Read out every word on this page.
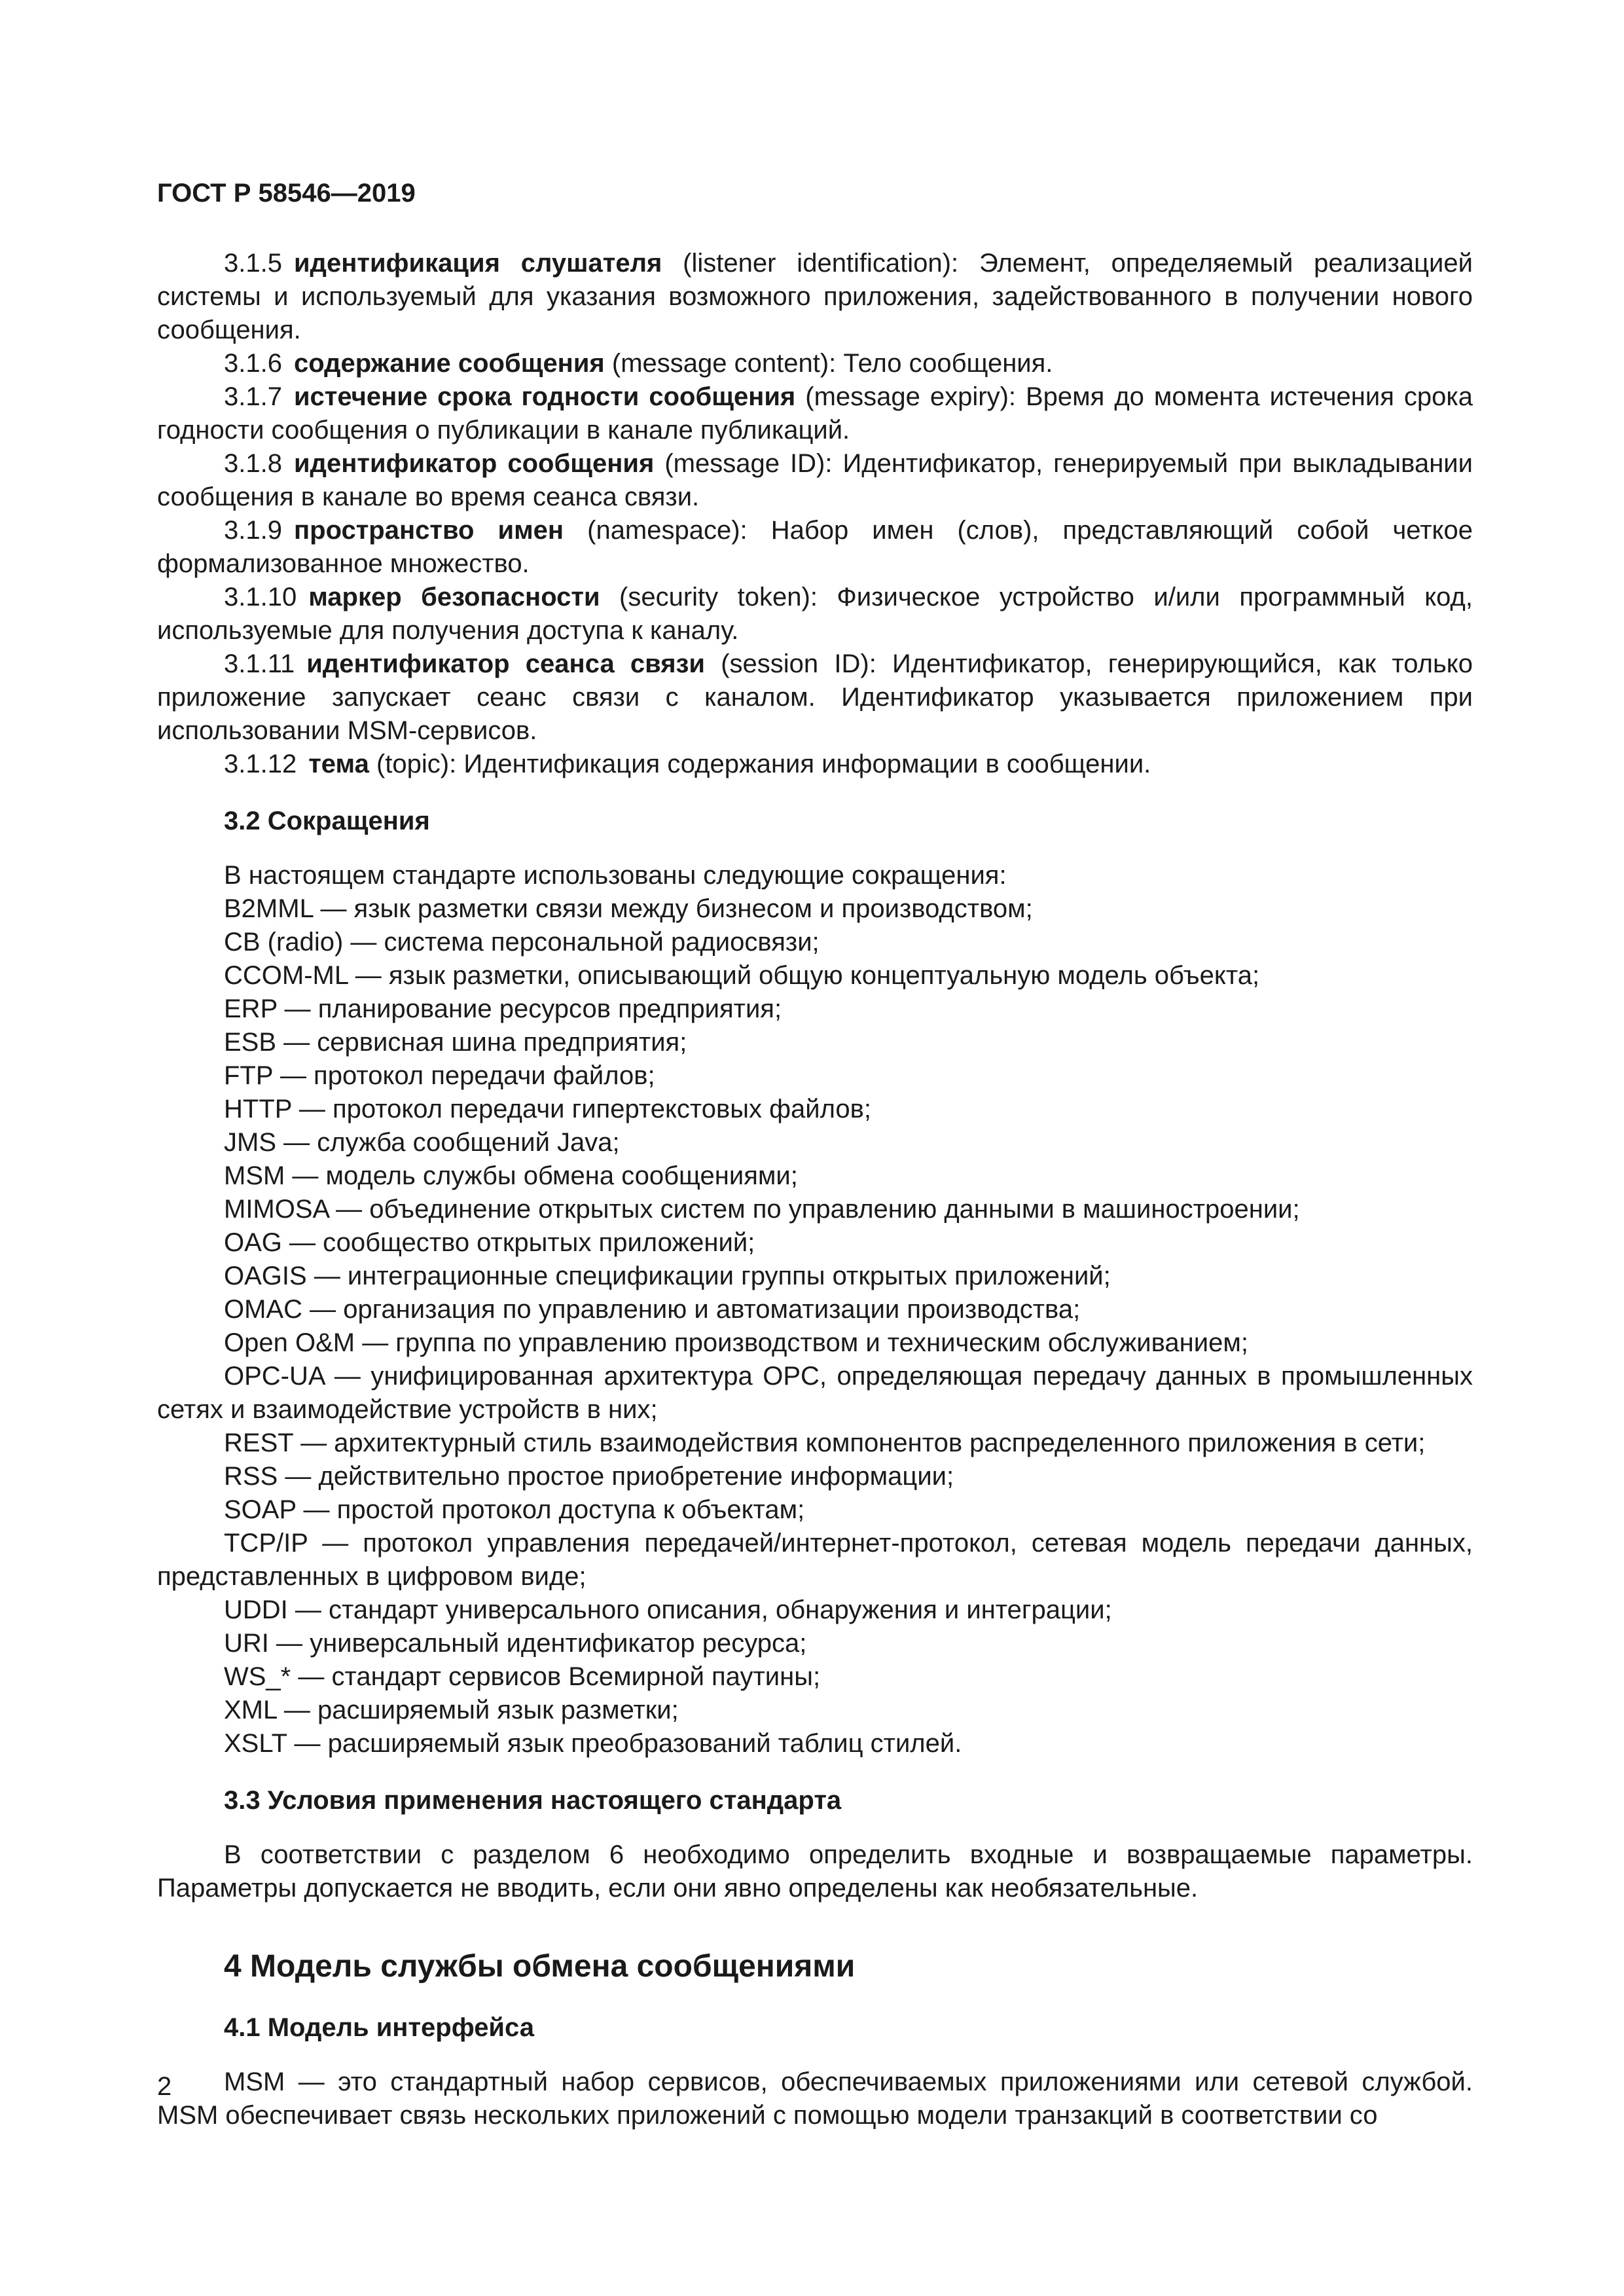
ГОСТ Р 58546—2019

3.1.5 идентификация слушателя (listener identification): Элемент, определяемый реализацией системы и используемый для указания возможного приложения, задействованного в получении нового сообщения.

3.1.6 содержание сообщения (message content): Тело сообщения.

3.1.7 истечение срока годности сообщения (message expiry): Время до момента истечения срока годности сообщения о публикации в канале публикаций.

3.1.8 идентификатор сообщения (message ID): Идентификатор, генерируемый при выкладывании сообщения в канале во время сеанса связи.

3.1.9 пространство имен (namespace): Набор имен (слов), представляющий собой четкое формализованное множество.

3.1.10 маркер безопасности (security token): Физическое устройство и/или программный код, используемые для получения доступа к каналу.

3.1.11 идентификатор сеанса связи (session ID): Идентификатор, генерирующийся, как только приложение запускает сеанс связи с каналом. Идентификатор указывается приложением при использовании MSM-сервисов.

3.1.12 тема (topic): Идентификация содержания информации в сообщении.

3.2 Сокращения

В настоящем стандарте использованы следующие сокращения:

B2MML — язык разметки связи между бизнесом и производством;

CB (radio) — система персональной радиосвязи;

CCOM-ML — язык разметки, описывающий общую концептуальную модель объекта;

ERP — планирование ресурсов предприятия;

ESB — сервисная шина предприятия;

FTP — протокол передачи файлов;

HTTP — протокол передачи гипертекстовых файлов;

JMS — служба сообщений Java;

MSM — модель службы обмена сообщениями;

MIMOSA — объединение открытых систем по управлению данными в машиностроении;

OAG — сообщество открытых приложений;

OAGIS — интеграционные спецификации группы открытых приложений;

OMAC — организация по управлению и автоматизации производства;

Open O&M — группа по управлению производством и техническим обслуживанием;

OPC-UA — унифицированная архитектура OPC, определяющая передачу данных в промышленных сетях и взаимодействие устройств в них;

REST — архитектурный стиль взаимодействия компонентов распределенного приложения в сети;

RSS — действительно простое приобретение информации;

SOAP — простой протокол доступа к объектам;

TCP/IP — протокол управления передачей/интернет-протокол, сетевая модель передачи данных, представленных в цифровом виде;

UDDI — стандарт универсального описания, обнаружения и интеграции;

URI — универсальный идентификатор ресурса;

WS_* — стандарт сервисов Всемирной паутины;

XML — расширяемый язык разметки;

XSLT — расширяемый язык преобразований таблиц стилей.

3.3 Условия применения настоящего стандарта

В соответствии с разделом 6 необходимо определить входные и возвращаемые параметры. Параметры допускается не вводить, если они явно определены как необязательные.

4 Модель службы обмена сообщениями
4.1 Модель интерфейса

MSM — это стандартный набор сервисов, обеспечиваемых приложениями или сетевой службой. MSM обеспечивает связь нескольких приложений с помощью модели транзакций в соответствии со

2
